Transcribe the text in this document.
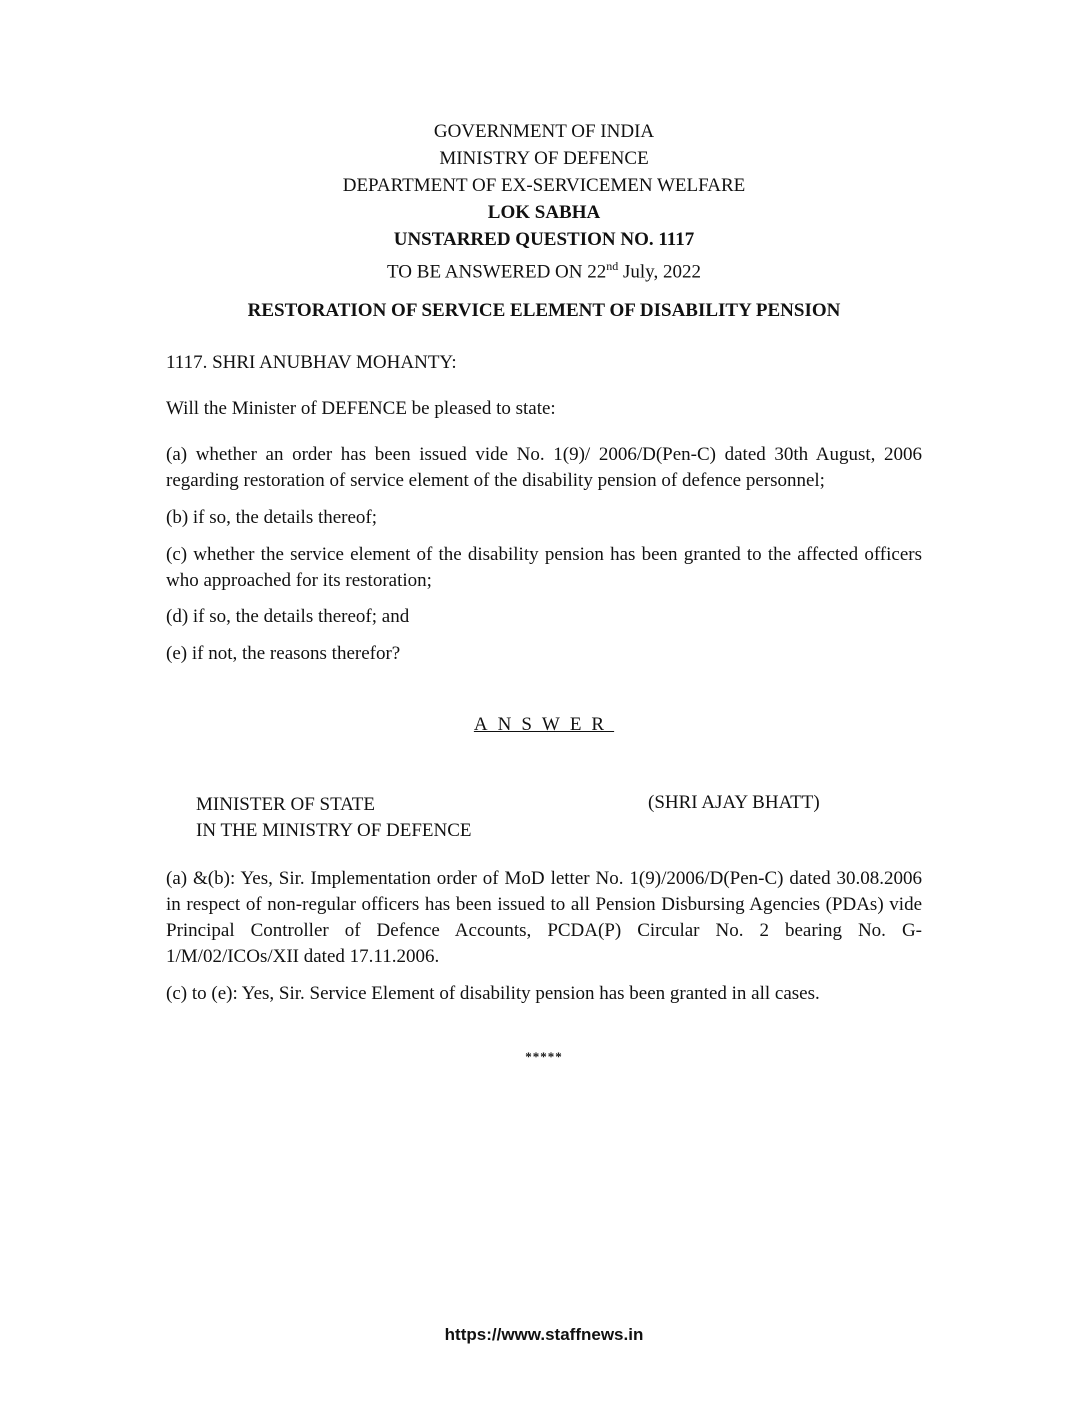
GOVERNMENT OF INDIA
MINISTRY OF DEFENCE
DEPARTMENT OF EX-SERVICEMEN WELFARE
LOK SABHA
UNSTARRED QUESTION NO. 1117
TO BE ANSWERED ON 22nd July, 2022
RESTORATION OF SERVICE ELEMENT OF DISABILITY PENSION
1117. SHRI ANUBHAV MOHANTY:
Will the Minister of DEFENCE be pleased to state:
(a) whether an order has been issued vide No. 1(9)/ 2006/D(Pen-C) dated 30th August, 2006 regarding restoration of service element of the disability pension of defence personnel;
(b) if so, the details thereof;
(c) whether the service element of the disability pension has been granted to the affected officers who approached for its restoration;
(d) if so, the details thereof; and
(e) if not, the reasons therefor?
ANSWER
MINISTER OF STATE
IN THE MINISTRY OF DEFENCE
(SHRI AJAY BHATT)
(a) &(b): Yes, Sir. Implementation order of MoD letter No. 1(9)/2006/D(Pen-C) dated 30.08.2006 in respect of non-regular officers has been issued to all Pension Disbursing Agencies (PDAs) vide Principal Controller of Defence Accounts, PCDA(P) Circular No. 2 bearing No. G-1/M/02/ICOs/XII dated 17.11.2006.
(c) to (e): Yes, Sir. Service Element of disability pension has been granted in all cases.
*****
https://www.staffnews.in
